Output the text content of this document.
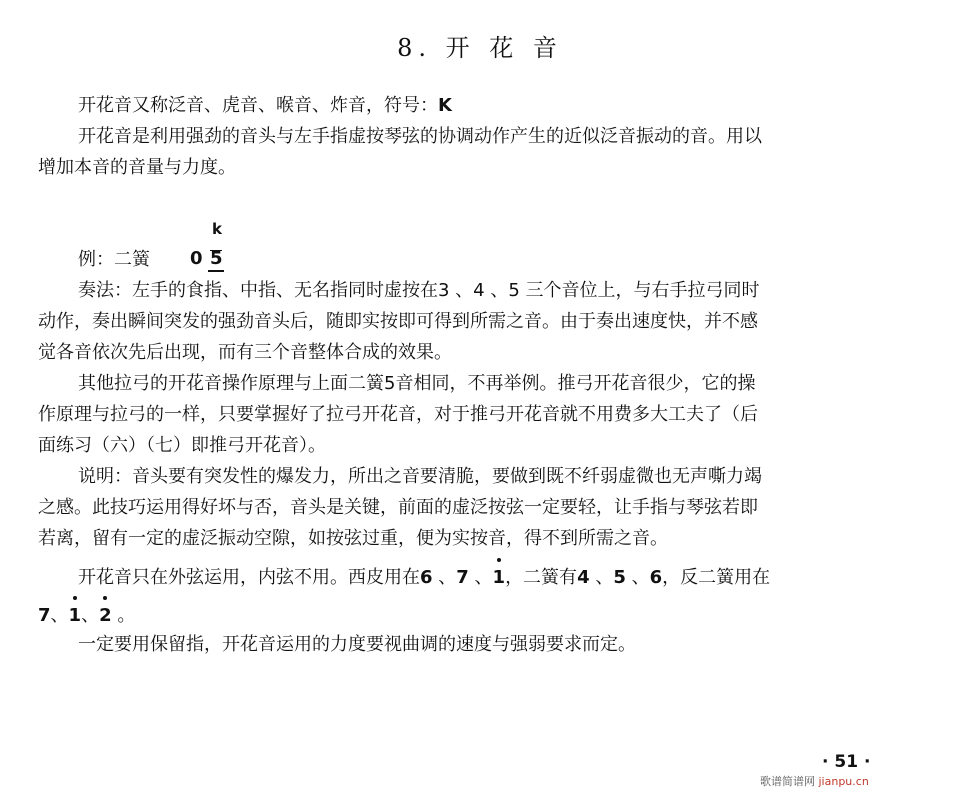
8. 开 花 音
开花音又称泛音、虎音、喉音、炸音，符号：K
开花音是利用强劲的音头与左手指虚按琴弦的协调动作产生的近似泛音振动的音。用以
增加本音的音量与力度。
例：二簧
k
0 5
奏法：左手的食指、中指、无名指同时虚按在3 、4 、5 三个音位上，与右手拉弓同时
动作，奏出瞬间突发的强劲音头后，随即实按即可得到所需之音。由于奏出速度快，并不感
觉各音依次先后出现，而有三个音整体合成的效果。
其他拉弓的开花音操作原理与上面二簧5音相同，不再举例。推弓开花音很少，它的操
作原理与拉弓的一样，只要掌握好了拉弓开花音，对于推弓开花音就不用费多大工夫了（后
面练习（六）（七）即推弓开花音）。
说明：音头要有突发性的爆发力，所出之音要清脆，要做到既不纤弱虚微也无声嘶力竭
之感。此技巧运用得好坏与否，音头是关键，前面的虚泛按弦一定要轻，让手指与琴弦若即
若离，留有一定的虚泛振动空隙，如按弦过重，便为实按音，得不到所需之音。
开花音只在外弦运用，内弦不用。西皮用在6 、7 、
1，二簧有4 、5 、6，反二簧用在
7、
1、
2 。
一定要用保留指，开花音运用的力度要视曲调的速度与强弱要求而定。
· 51 ·
歌谱简谱网 jianpu.cn
